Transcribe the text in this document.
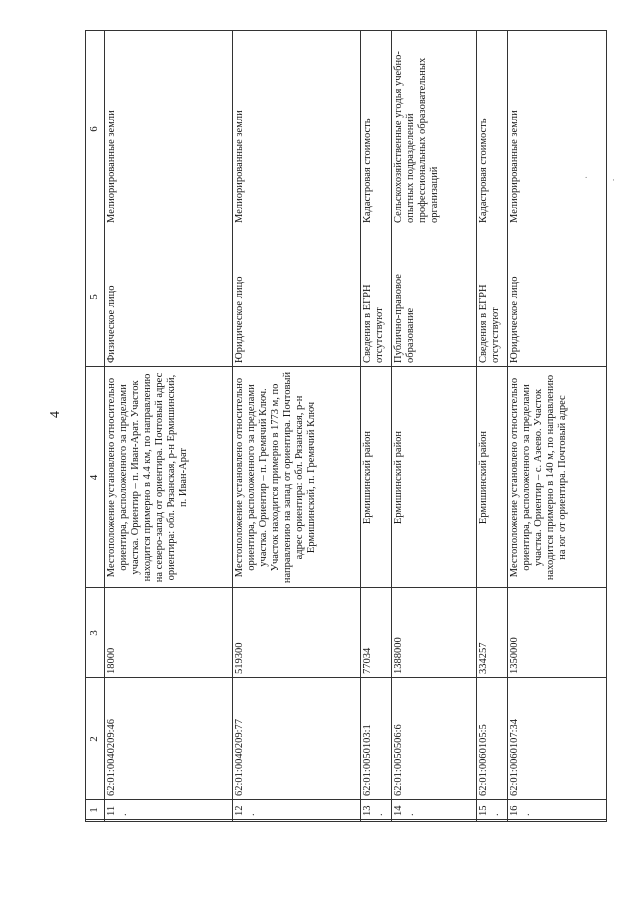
4
1
2
3
4
5
6
11.
62:01:0040209:46
18000
Местоположение установлено относительно ориентира, расположенного за пределами участка. Ориентир – п. Иван-Арат. Участок находится примерно в 4.4 км, по направлению на северо-запад от ориентира. Почтовый адрес ориентира: обл. Рязанская, р-н Ермишинский, п. Иван-Арат
Физическое лицо
Мелиорированные земли
12.
62:01:0040209:77
519300
Местоположение установлено относительно ориентира, расположенного за пределами участка. Ориентир – п. Гремячий Ключ. Участок находится примерно в 1773 м, по направлению на запад от ориентира. Почтовый адрес ориентира: обл. Рязанская, р-н Ермишинский, п. Гремячий Ключ
Юридическое лицо
Мелиорированные земли
13.
62:01:0050103:1
77034
Ермишинский район
Сведения в ЕГРН отсутствуют
Кадастровая стоимость
14.
62:01:0050506:6
1388000
Ермишинский район
Публично-правовое образование
Сельскохозяйственные угодья учебно-опытных подразделений профессиональных образовательных организаций
15.
62:01:0060105:5
334257
Ермишинский район
Сведения в ЕГРН отсутствуют
Кадастровая стоимость
16.
62:01:0060107:34
1350000
Местоположение установлено относительно ориентира, расположенного за пределами участка. Ориентир – с. Азеево. Участок находится примерно в 140 м, по направлению на юг от ориентира. Почтовый адрес
Юридическое лицо
Мелиорированные земли	.	·
